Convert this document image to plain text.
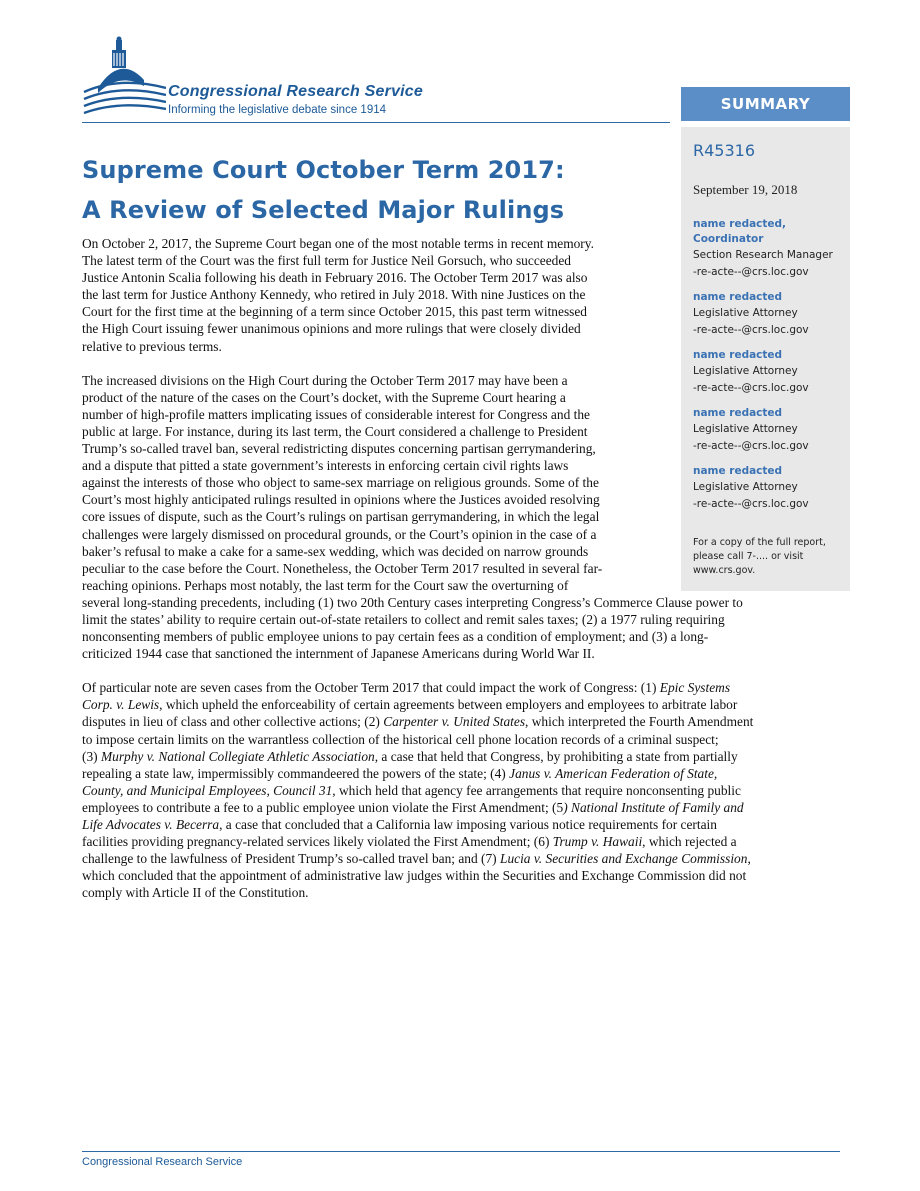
Congressional Research Service
Informing the legislative debate since 1914	SUMMARY
R45316
September 19, 2018
name redacted,
Coordinator
Section Research Manager
-re-acte--@crs.loc.gov
name redacted
Legislative Attorney
-re-acte--@crs.loc.gov
name redacted
Legislative Attorney
-re-acte--@crs.loc.gov
name redacted
Legislative Attorney
-re-acte--@crs.loc.gov
name redacted
Legislative Attorney
-re-acte--@crs.loc.gov
For a copy of the full report,
please call 7-.... or visit
www.crs.gov.
Supreme Court October Term 2017:
A Review of Selected Major Rulings
On October 2, 2017, the Supreme Court began one of the most notable terms in recent memory.
The latest term of the Court was the first full term for Justice Neil Gorsuch, who succeeded
Justice Antonin Scalia following his death in February 2016. The October Term 2017 was also
the last term for Justice Anthony Kennedy, who retired in July 2018. With nine Justices on the
Court for the first time at the beginning of a term since October 2015, this past term witnessed
the High Court issuing fewer unanimous opinions and more rulings that were closely divided
relative to previous terms.
The increased divisions on the High Court during the October Term 2017 may have been a
product of the nature of the cases on the Court’s docket, with the Supreme Court hearing a
number of high-profile matters implicating issues of considerable interest for Congress and the
public at large. For instance, during its last term, the Court considered a challenge to President
Trump’s so-called travel ban, several redistricting disputes concerning partisan gerrymandering,
and a dispute that pitted a state government’s interests in enforcing certain civil rights laws
against the interests of those who object to same-sex marriage on religious grounds. Some of the
Court’s most highly anticipated rulings resulted in opinions where the Justices avoided resolving
core issues of dispute, such as the Court’s rulings on partisan gerrymandering, in which the legal
challenges were largely dismissed on procedural grounds, or the Court’s opinion in the case of a
baker’s refusal to make a cake for a same-sex wedding, which was decided on narrow grounds
peculiar to the case before the Court. Nonetheless, the October Term 2017 resulted in several far-
reaching opinions. Perhaps most notably, the last term for the Court saw the overturning of
several long-standing precedents, including (1) two 20th Century cases interpreting Congress’s Commerce Clause power to
limit the states’ ability to require certain out-of-state retailers to collect and remit sales taxes; (2) a 1977 ruling requiring
nonconsenting members of public employee unions to pay certain fees as a condition of employment; and (3) a long-
criticized 1944 case that sanctioned the internment of Japanese Americans during World War II.
Of particular note are seven cases from the October Term 2017 that could impact the work of Congress: (1) Epic Systems
Corp. v. Lewis, which upheld the enforceability of certain agreements between employers and employees to arbitrate labor
disputes in lieu of class and other collective actions; (2) Carpenter v. United States, which interpreted the Fourth Amendment
to impose certain limits on the warrantless collection of the historical cell phone location records of a criminal suspect;
(3) Murphy v. National Collegiate Athletic Association, a case that held that Congress, by prohibiting a state from partially
repealing a state law, impermissibly commandeered the powers of the state; (4) Janus v. American Federation of State,
County, and Municipal Employees, Council 31, which held that agency fee arrangements that require nonconsenting public
employees to contribute a fee to a public employee union violate the First Amendment; (5) National Institute of Family and
Life Advocates v. Becerra, a case that concluded that a California law imposing various notice requirements for certain
facilities providing pregnancy-related services likely violated the First Amendment; (6) Trump v. Hawaii, which rejected a
challenge to the lawfulness of President Trump’s so-called travel ban; and (7) Lucia v. Securities and Exchange Commission,
which concluded that the appointment of administrative law judges within the Securities and Exchange Commission did not
comply with Article II of the Constitution.
Congressional Research Service
